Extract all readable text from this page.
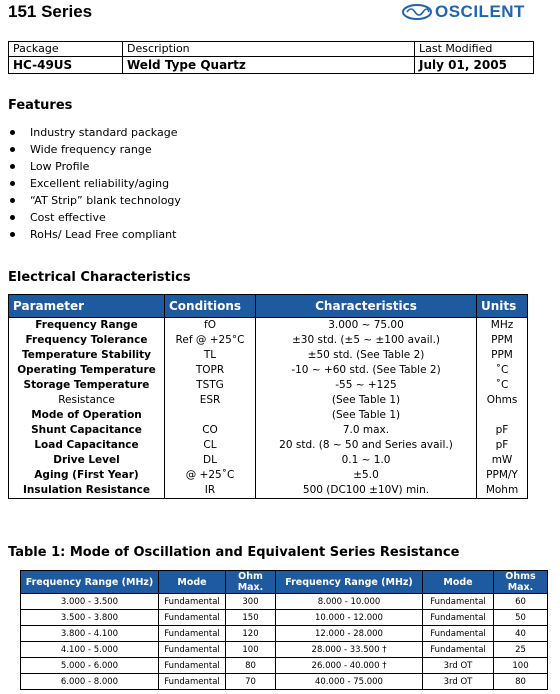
151 Series	OSCILENT
Package	Description	Last Modified
HC-49US	Weld Type Quartz	July 01, 2005
Features
Industry standard package
Wide frequency range
Low Profile
Excellent reliability/aging
“AT Strip” blank technology
Cost effective
RoHs/ Lead Free compliant
Electrical Characteristics
Parameter	Conditions	Characteristics	Units
Frequency Range	fO	3.000 ~ 75.00	MHz
Frequency Tolerance	Ref @ +25°C	±30 std. (±5 ~ ±100 avail.)	PPM
Temperature Stability	TL	±50 std. (See Table 2)	PPM
Operating Temperature	TOPR	-10 ~ +60 std. (See Table 2)	˚C
Storage Temperature	TSTG	-55 ~ +125	˚C
Resistance	ESR	(See Table 1)	Ohms
Mode of Operation		(See Table 1)	
Shunt Capacitance	CO	7.0 max.	pF
Load Capacitance	CL	20 std. (8 ~ 50 and Series avail.)	pF
Drive Level	DL	0.1 ~ 1.0	mW
Aging (First Year)	@ +25˚C	±5.0	PPM/Y
Insulation Resistance	IR	500 (DC100 ±10V) min.	Mohm
Table 1: Mode of Oscillation and Equivalent Series Resistance
Frequency Range (MHz)	Mode	Ohm Max.	Frequency Range (MHz)	Mode	Ohms Max.
3.000 - 3.500	Fundamental	300	8.000 - 10.000	Fundamental	60
3.500 - 3.800	Fundamental	150	10.000 - 12.000	Fundamental	50
3.800 - 4.100	Fundamental	120	12.000 - 28.000	Fundamental	40
4.100 - 5.000	Fundamental	100	28.000 - 33.500 †	Fundamental	25
5.000 - 6.000	Fundamental	80	26.000 - 40.000 †	3rd OT	100
6.000 - 8.000	Fundamental	70	40.000 - 75.000	3rd OT	80
